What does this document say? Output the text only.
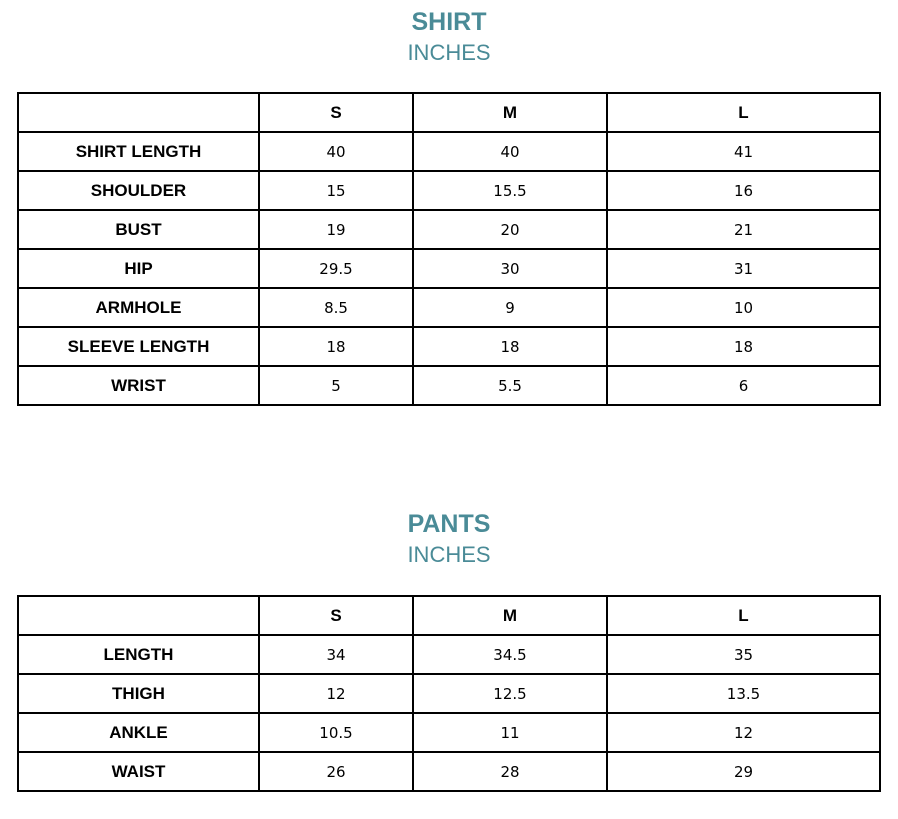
SHIRT
INCHES
	S	M	L
SHIRT LENGTH	40	40	41
SHOULDER	15	15.5	16
BUST	19	20	21
HIP	29.5	30	31
ARMHOLE	8.5	9	10
SLEEVE LENGTH	18	18	18
WRIST	5	5.5	6
PANTS
INCHES
	S	M	L
LENGTH	34	34.5	35
THIGH	12	12.5	13.5
ANKLE	10.5	11	12
WAIST	26	28	29
